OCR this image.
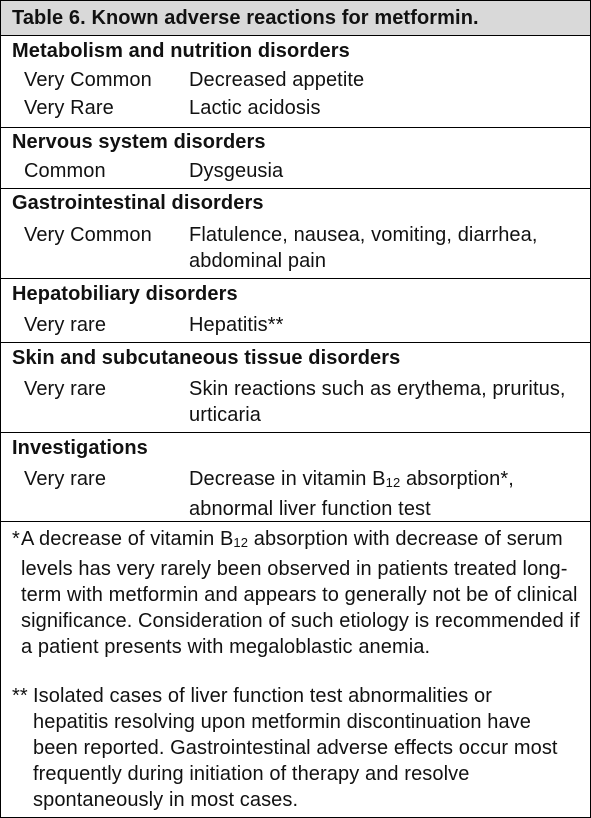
Table 6. Known adverse reactions for metformin.
Metabolism and nutrition disorders
Very Common Decreased appetite
Very Rare	Lactic acidosis
Nervous system disorders
Common	Dysgeusia
Gastrointestinal disorders
Very Common Flatulence, nausea, vomiting, diarrhea, abdominal pain
Hepatobiliary disorders
Very rare	Hepatitis**
Skin and subcutaneous tissue disorders
Very rare	Skin reactions such as erythema, pruritus, urticaria
Investigations
Very rare	Decrease in vitamin B12 absorption*, abnormal liver function test
* A decrease of vitamin B12 absorption with decrease of serum levels has very rarely been observed in patients treated long-term with metformin and appears to generally not be of clinical significance. Consideration of such etiology is recommended if a patient presents with megaloblastic anemia.
** Isolated cases of liver function test abnormalities or hepatitis resolving upon metformin discontinuation have been reported. Gastrointestinal adverse effects occur most frequently during initiation of therapy and resolve spontaneously in most cases.
